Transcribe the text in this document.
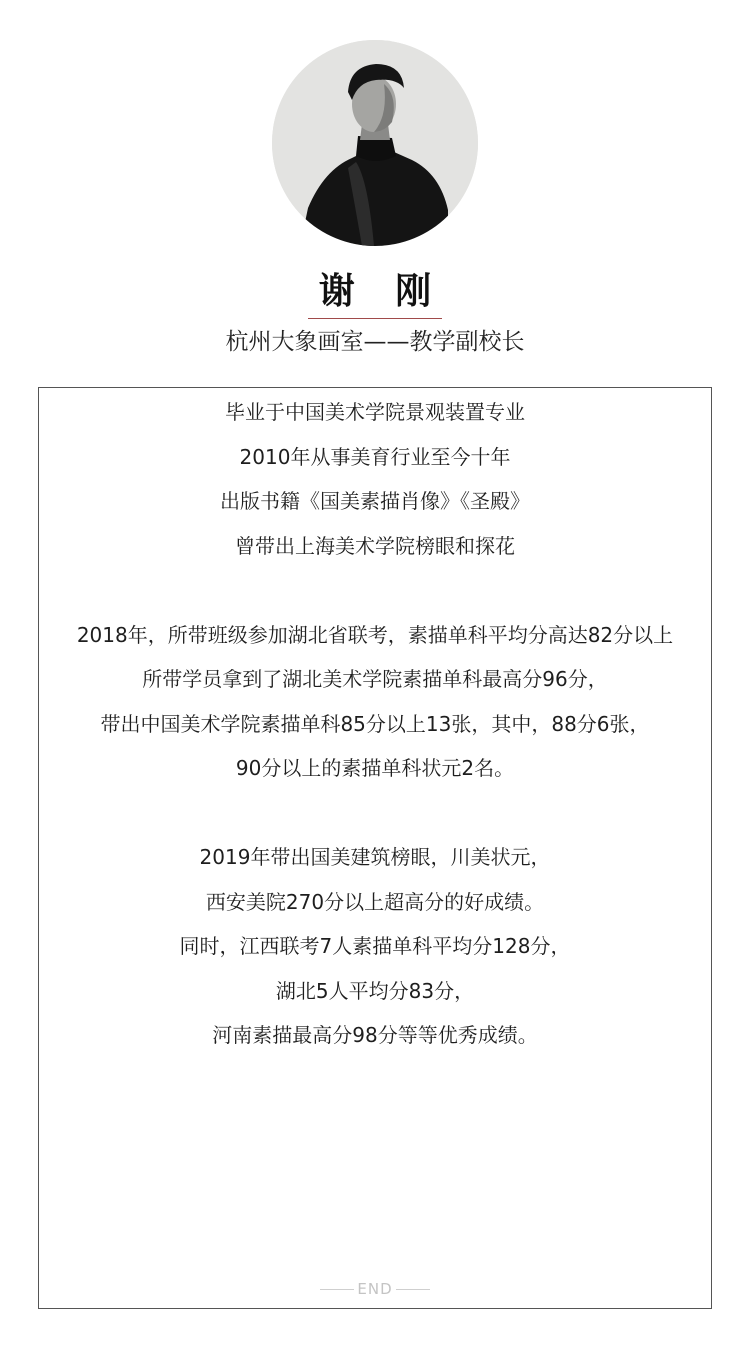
谢 刚
杭州大象画室——教学副校长
毕业于中国美术学院景观装置专业
2010年从事美育行业至今十年
出版书籍《国美素描肖像》《圣殿》
曾带出上海美术学院榜眼和探花
2018年，所带班级参加湖北省联考，素描单科平均分高达82分以上
所带学员拿到了湖北美术学院素描单科最高分96分，
带出中国美术学院素描单科85分以上13张，其中，88分6张，
90分以上的素描单科状元2名。
2019年带出国美建筑榜眼，川美状元，
西安美院270分以上超高分的好成绩。
同时，江西联考7人素描单科平均分128分，
湖北5人平均分83分，
河南素描最高分98分等等优秀成绩。
END
